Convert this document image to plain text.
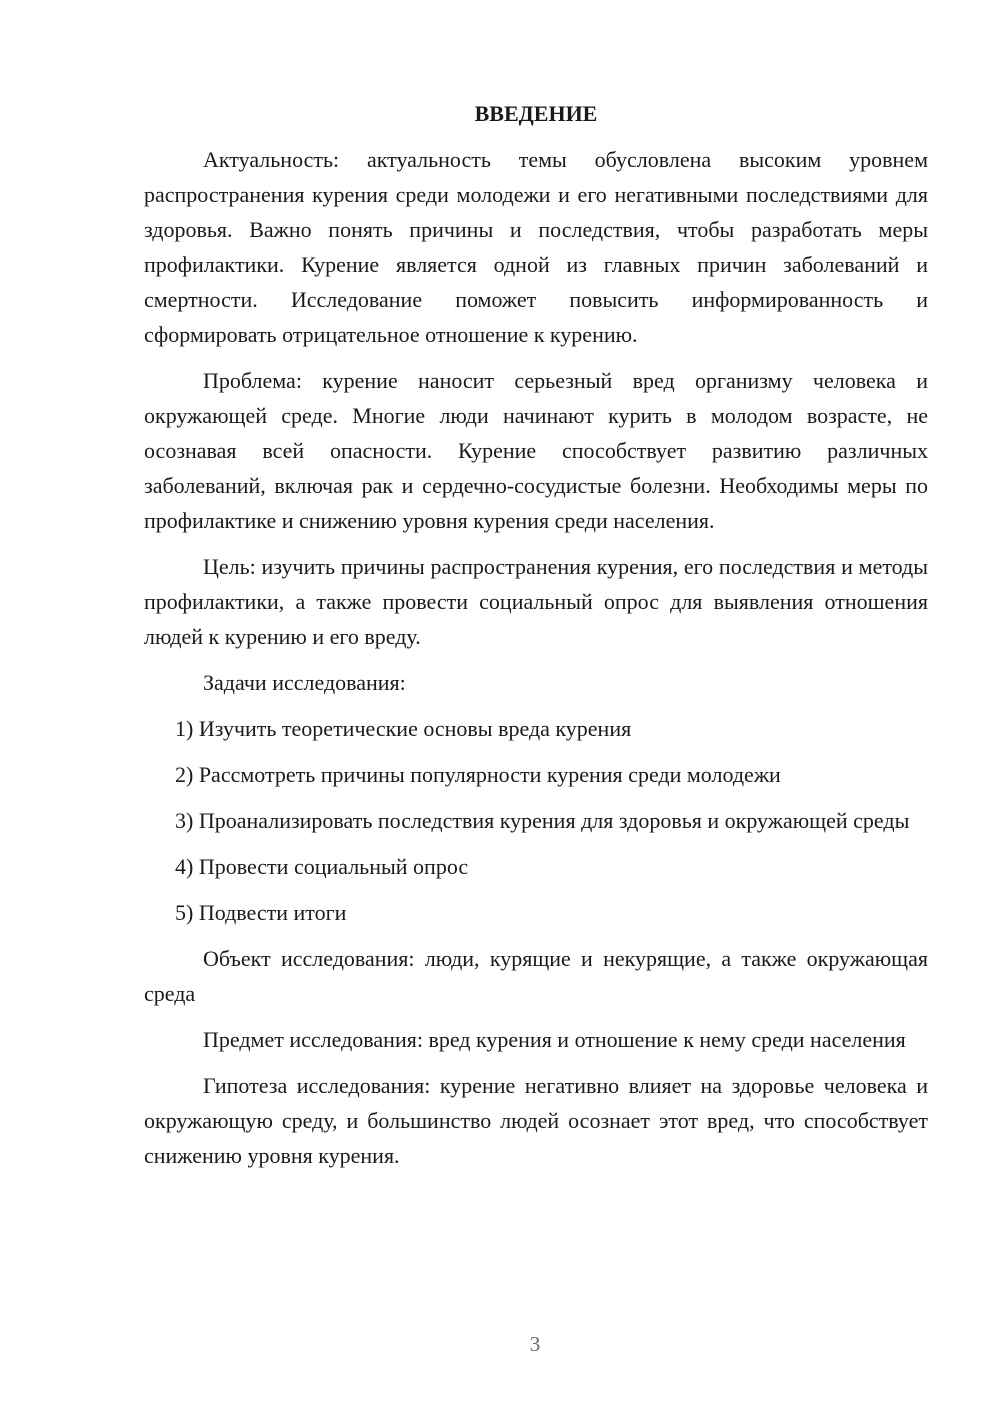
ВВЕДЕНИЕ

Актуальность: актуальность темы обусловлена высоким уровнем распространения курения среди молодежи и его негативными последствиями для здоровья. Важно понять причины и последствия, чтобы разработать меры профилактики. Курение является одной из главных причин заболеваний и смертности. Исследование поможет повысить информированность и сформировать отрицательное отношение к курению.

Проблема: курение наносит серьезный вред организму человека и окружающей среде. Многие люди начинают курить в молодом возрасте, не осознавая всей опасности. Курение способствует развитию различных заболеваний, включая рак и сердечно-сосудистые болезни. Необходимы меры по профилактике и снижению уровня курения среди населения.

Цель: изучить причины распространения курения, его последствия и методы профилактики, а также провести социальный опрос для выявления отношения людей к курению и его вреду.

Задачи исследования:

1) Изучить теоретические основы вреда курения

2) Рассмотреть причины популярности курения среди молодежи

3) Проанализировать последствия курения для здоровья и окружающей среды

4) Провести социальный опрос

5) Подвести итоги

Объект исследования: люди, курящие и некурящие, а также окружающая среда

Предмет исследования: вред курения и отношение к нему среди населения

Гипотеза исследования: курение негативно влияет на здоровье человека и окружающую среду, и большинство людей осознает этот вред, что способствует снижению уровня курения.

3
